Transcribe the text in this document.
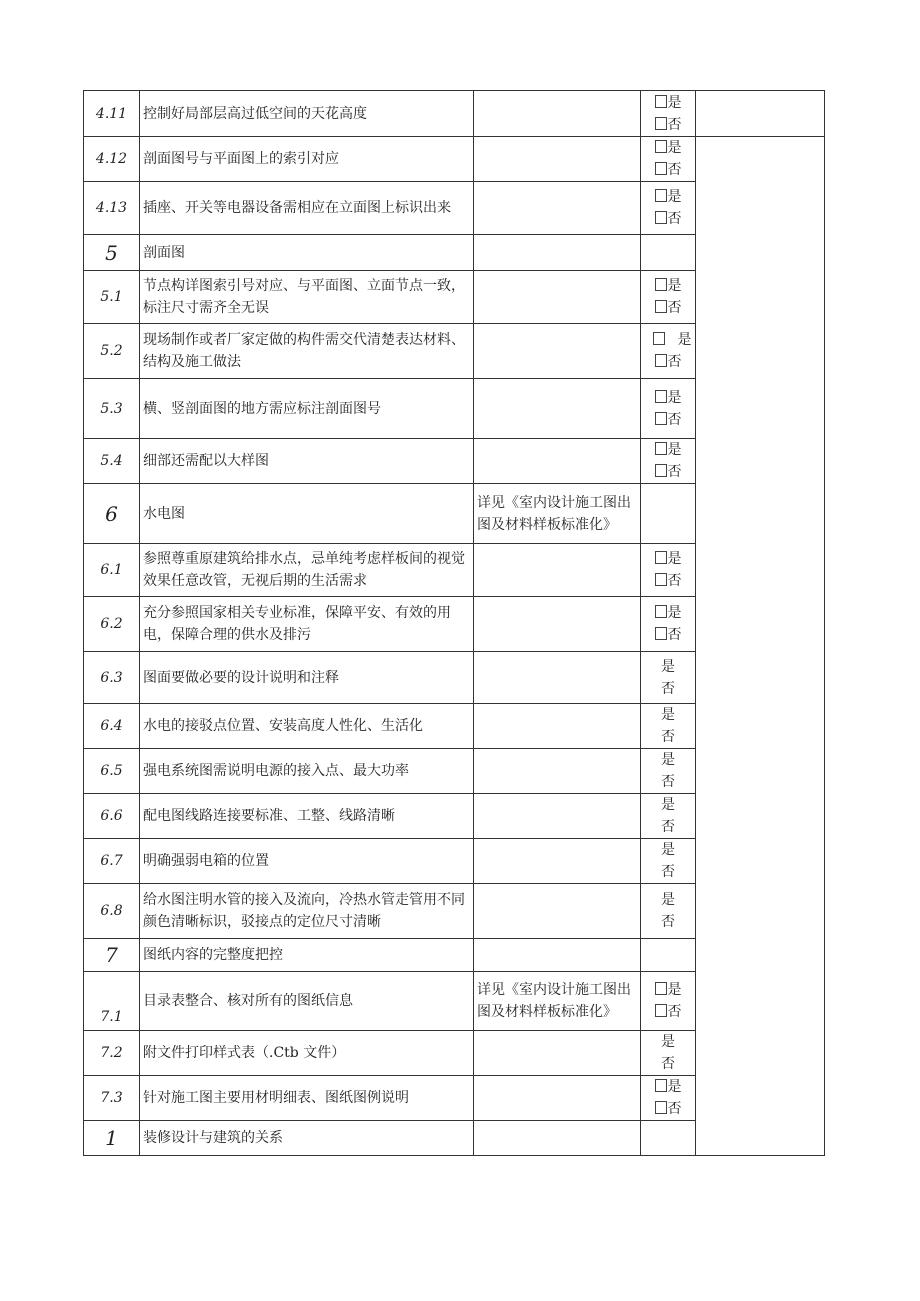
4.11	控制好局部层高过低空间的天花高度		是
否	

4.12	剖面图号与平面图上的索引对应		是
否	

4.13	插座、开关等电器设备需相应在立面图上标识出来		是
否	

5	剖面图			
5.1	节点构详图索引号对应、与平面图、立面节点一致，标注尺寸需齐全无误		是
否	

5.2	现场制作或者厂家定做的构件需交代清楚表达材料、结构及施工做法		是
否	

5.3	横、竖剖面图的地方需应标注剖面图号		是
否	

5.4	细部还需配以大样图		是
否	

6	水电图	详见《室内设计施工图出图及材料样板标准化》		
6.1	参照尊重原建筑给排水点，忌单纯考虑样板间的视觉效果任意改管，无视后期的生活需求		是
否	

6.2	充分参照国家相关专业标准，保障平安、有效的用电，保障合理的供水及排污		是
否	

6.3	图面要做必要的设计说明和注释		是
否	

6.4	水电的接驳点位置、安装高度人性化、生活化		是
否	

6.5	强电系统图需说明电源的接入点、最大功率		是
否	

6.6	配电图线路连接要标准、工整、线路清晰		是
否	

6.7	明确强弱电箱的位置		是
否	

6.8	给水图注明水管的接入及流向，冷热水管走管用不同颜色清晰标识，驳接点的定位尺寸清晰		是
否	

7	图纸内容的完整度把控			
7.1	目录表整合、核对所有的图纸信息	详见《室内设计施工图出图及材料样板标准化》	是
否	

7.2	附文件打印样式表（.Ctb 文件）		是
否	

7.3	针对施工图主要用材明细表、图纸图例说明		是
否	

1	装修设计与建筑的关系			
